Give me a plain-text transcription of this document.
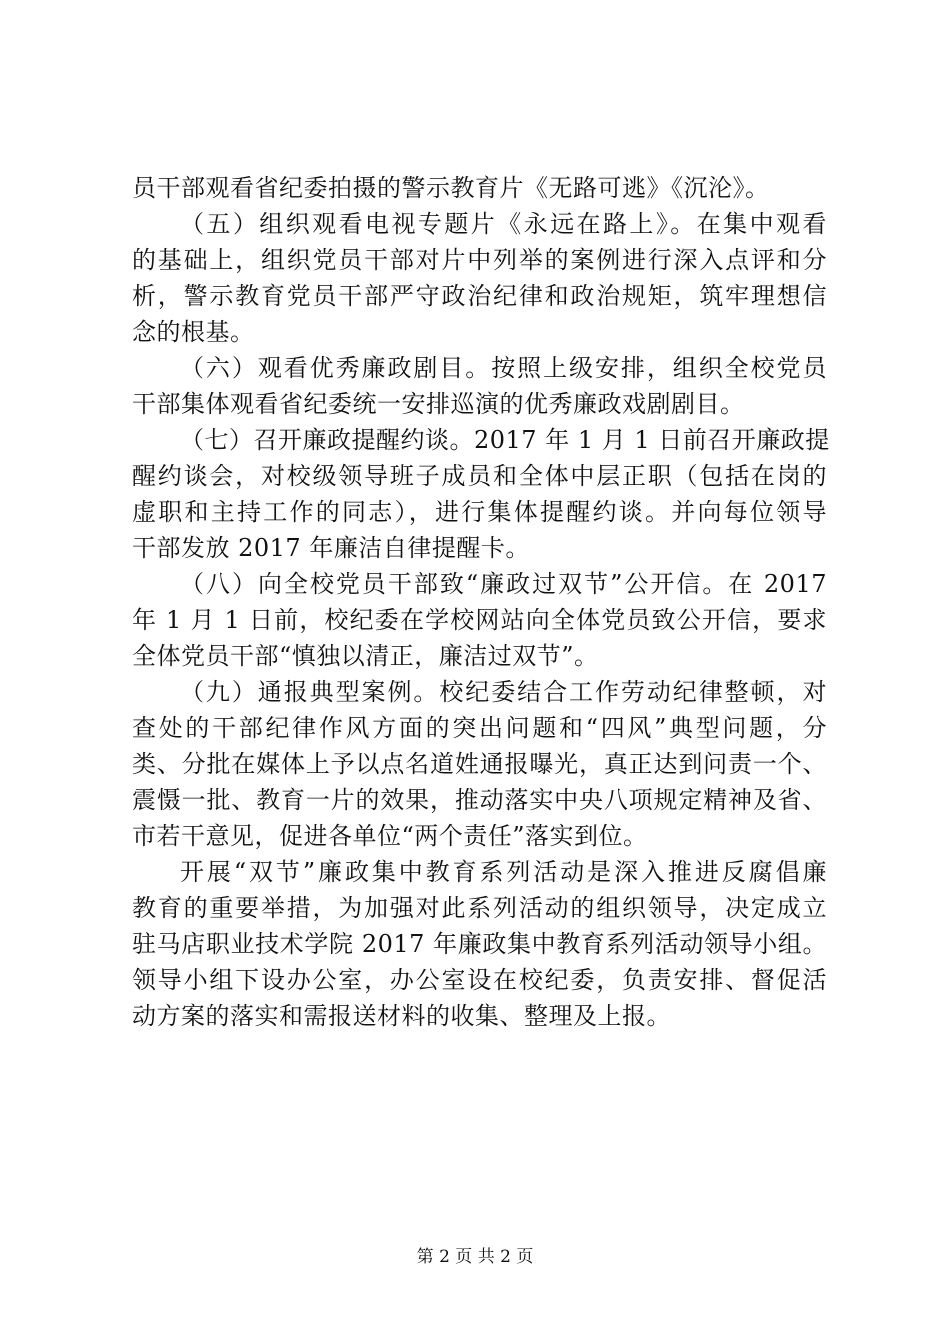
员干部观看省纪委拍摄的警示教育片《无路可逃》《沉沦》。
（五）组织观看电视专题片《永远在路上》。在集中观看
的基础上，组织党员干部对片中列举的案例进行深入点评和分
析，警示教育党员干部严守政治纪律和政治规矩，筑牢理想信
念的根基。
（六）观看优秀廉政剧目。按照上级安排，组织全校党员
干部集体观看省纪委统一安排巡演的优秀廉政戏剧剧目。
（七）召开廉政提醒约谈。2017 年 1 月 1 日前召开廉政提
醒约谈会，对校级领导班子成员和全体中层正职（包括在岗的
虚职和主持工作的同志），进行集体提醒约谈。并向每位领导
干部发放 2017 年廉洁自律提醒卡。
（八）向全校党员干部致“廉政过双节”公开信。在 2017
年 1 月 1 日前，校纪委在学校网站向全体党员致公开信，要求
全体党员干部“慎独以清正，廉洁过双节”。
（九）通报典型案例。校纪委结合工作劳动纪律整顿，对
查处的干部纪律作风方面的突出问题和“四风”典型问题，分
类、分批在媒体上予以点名道姓通报曝光，真正达到问责一个、
震慑一批、教育一片的效果，推动落实中央八项规定精神及省、
市若干意见，促进各单位“两个责任”落实到位。
开展“双节”廉政集中教育系列活动是深入推进反腐倡廉
教育的重要举措，为加强对此系列活动的组织领导，决定成立
驻马店职业技术学院 2017 年廉政集中教育系列活动领导小组。
领导小组下设办公室，办公室设在校纪委，负责安排、督促活
动方案的落实和需报送材料的收集、整理及上报。
第 2 页 共 2 页
